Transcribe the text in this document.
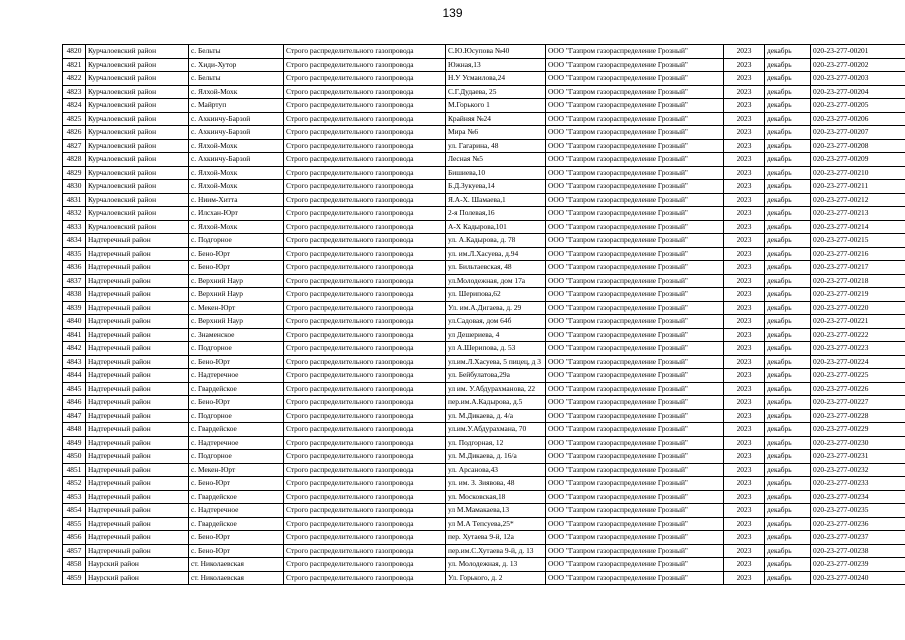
139
4820	Курчалоевский район	с. Бельты	Строго распределительного газопровода	С.Ю.Юсупова №40	ООО "Газпром газораспределение Грозный"	2023	декабрь	020-23-277-00201
4821	Курчалоевский район	с. Хиди-Хутор	Строго распределительного газопровода	Южная,13	ООО "Газпром газораспределение Грозный"	2023	декабрь	020-23-277-00202
4822	Курчалоевский район	с. Бельты	Строго распределительного газопровода	Н.У Усмаилова,24	ООО "Газпром газораспределение Грозный"	2023	декабрь	020-23-277-00203
4823	Курчалоевский район	с. Ялхой-Мохк	Строго распределительного газопровода	С.Г.Дудаева, 25	ООО "Газпром газораспределение Грозный"	2023	декабрь	020-23-277-00204
4824	Курчалоевский район	с. Майртуп	Строго распределительного газопровода	М.Горького 1	ООО "Газпром газораспределение Грозный"	2023	декабрь	020-23-277-00205
4825	Курчалоевский район	с. Ахкинчу-Барзой	Строго распределительного газопровода	Крайняя №24	ООО "Газпром газораспределение Грозный"	2023	декабрь	020-23-277-00206
4826	Курчалоевский район	с. Ахкинчу-Барзой	Строго распределительного газопровода	Мира №6	ООО "Газпром газораспределение Грозный"	2023	декабрь	020-23-277-00207
4827	Курчалоевский район	с. Ялхой-Мохк	Строго распределительного газопровода	ул. Гагарина, 48	ООО "Газпром газораспределение Грозный"	2023	декабрь	020-23-277-00208
4828	Курчалоевский район	с. Ахкинчу-Барзой	Строго распределительного газопровода	Лесная №5	ООО "Газпром газораспределение Грозный"	2023	декабрь	020-23-277-00209
4829	Курчалоевский район	с. Ялхой-Мохк	Строго распределительного газопровода	Бишиева,10	ООО "Газпром газораспределение Грозный"	2023	декабрь	020-23-277-00210
4830	Курчалоевский район	с. Ялхой-Мохк	Строго распределительного газопровода	Б.Д.Зукуева,14	ООО "Газпром газораспределение Грозный"	2023	декабрь	020-23-277-00211
4831	Курчалоевский район	с. Ниим-Хитта	Строго распределительного газопровода	Я.А-Х. Шамаева,1	ООО "Газпром газораспределение Грозный"	2023	декабрь	020-23-277-00212
4832	Курчалоевский район	с. Илсхан-Юрт	Строго распределительного газопровода	2-я Полевая,16	ООО "Газпром газораспределение Грозный"	2023	декабрь	020-23-277-00213
4833	Курчалоевский район	с. Ялхой-Мохк	Строго распределительного газопровода	А-Х Кадырова,101	ООО "Газпром газораспределение Грозный"	2023	декабрь	020-23-277-00214
4834	Надтеречный район	с. Подгорное	Строго распределительного газопровода	ул. А.Кадырова, д. 78	ООО "Газпром газораспределение Грозный"	2023	декабрь	020-23-277-00215
4835	Надтеречный район	с. Бено-Юрт	Строго распределительного газопровода	ул. им.Л.Хасуева, д.94	ООО "Газпром газораспределение Грозный"	2023	декабрь	020-23-277-00216
4836	Надтеречный район	с. Бено-Юрт	Строго распределительного газопровода	ул. Бильтаевская, 48	ООО "Газпром газораспределение Грозный"	2023	декабрь	020-23-277-00217
4837	Надтеречный район	с. Верхний Наур	Строго распределительного газопровода	ул.Молодежная, дом 17а	ООО "Газпром газораспределение Грозный"	2023	декабрь	020-23-277-00218
4838	Надтеречный район	с. Верхний Наур	Строго распределительного газопровода	ул. Шерипова,62	ООО "Газпром газораспределение Грозный"	2023	декабрь	020-23-277-00219
4839	Надтеречный район	с. Мекен-Юрт	Строго распределительного газопровода	Ул. им.А.Дигаева, д. 29	ООО "Газпром газораспределение Грозный"	2023	декабрь	020-23-277-00220
4840	Надтеречный район	с. Верхний Наур	Строго распределительного газопровода	ул.Садовая, дом 64б	ООО "Газпром газораспределение Грозный"	2023	декабрь	020-23-277-00221
4841	Надтеречный район	с. Знаменское	Строго распределительного газопровода	ул Дешериева, 4	ООО "Газпром газораспределение Грозный"	2023	декабрь	020-23-277-00222
4842	Надтеречный район	с. Подгорное	Строго распределительного газопровода	ул А.Шерипова, д. 53	ООО "Газпром газораспределение Грозный"	2023	декабрь	020-23-277-00223
4843	Надтеречный район	с. Бено-Юрт	Строго распределительного газопровода	ул.им.Л.Хасуева, 5 пицец, д 3	ООО "Газпром газораспределение Грозный"	2023	декабрь	020-23-277-00224
4844	Надтеречный район	с. Надтеречное	Строго распределительного газопровода	ул. Бейбулатова,29а	ООО "Газпром газораспределение Грозный"	2023	декабрь	020-23-277-00225
4845	Надтеречный район	с. Гвардейское	Строго распределительного газопровода	ул им. У.Абдурахманова, 22	ООО "Газпром газораспределение Грозный"	2023	декабрь	020-23-277-00226
4846	Надтеречный район	с. Бено-Юрт	Строго распределительного газопровода	пер.им.А.Кадырова, д.5	ООО "Газпром газораспределение Грозный"	2023	декабрь	020-23-277-00227
4847	Надтеречный район	с. Подгорное	Строго распределительного газопровода	ул. М.Дикаева, д. 4/а	ООО "Газпром газораспределение Грозный"	2023	декабрь	020-23-277-00228
4848	Надтеречный район	с. Гвардейское	Строго распределительного газопровода	ул.им.У.Абдурахмана, 70	ООО "Газпром газораспределение Грозный"	2023	декабрь	020-23-277-00229
4849	Надтеречный район	с. Надтеречное	Строго распределительного газопровода	ул. Подгорная, 12	ООО "Газпром газораспределение Грозный"	2023	декабрь	020-23-277-00230
4850	Надтеречный район	с. Подгорное	Строго распределительного газопровода	ул. М.Дикаева, д. 16/а	ООО "Газпром газораспределение Грозный"	2023	декабрь	020-23-277-00231
4851	Надтеречный район	с. Мекен-Юрт	Строго распределительного газопровода	ул. Арсанова,43	ООО "Газпром газораспределение Грозный"	2023	декабрь	020-23-277-00232
4852	Надтеречный район	с. Бено-Юрт	Строго распределительного газопровода	ул. им. З. Зиявова, 48	ООО "Газпром газораспределение Грозный"	2023	декабрь	020-23-277-00233
4853	Надтеречный район	с. Гвардейское	Строго распределительного газопровода	ул. Московская,18	ООО "Газпром газораспределение Грозный"	2023	декабрь	020-23-277-00234
4854	Надтеречный район	с. Надтеречное	Строго распределительного газопровода	ул М.Мамакаева,13	ООО "Газпром газораспределение Грозный"	2023	декабрь	020-23-277-00235
4855	Надтеречный район	с. Гвардейское	Строго распределительного газопровода	ул М.А Тепсуева,25*	ООО "Газпром газораспределение Грозный"	2023	декабрь	020-23-277-00236
4856	Надтеречный район	с. Бено-Юрт	Строго распределительного газопровода	пер. Хутаева 9-й, 12а	ООО "Газпром газораспределение Грозный"	2023	декабрь	020-23-277-00237
4857	Надтеречный район	с. Бено-Юрт	Строго распределительного газопровода	пер.им.С.Хутаева 9-й, д. 13	ООО "Газпром газораспределение Грозный"	2023	декабрь	020-23-277-00238
4858	Наурский район	ст. Николаевская	Строго распределительного газопровода	ул. Молодежная, д. 13	ООО "Газпром газораспределение Грозный"	2023	декабрь	020-23-277-00239
4859	Наурский район	ст. Николаевская	Строго распределительного газопровода	Ул. Горького, д. 2	ООО "Газпром газораспределение Грозный"	2023	декабрь	020-23-277-00240
